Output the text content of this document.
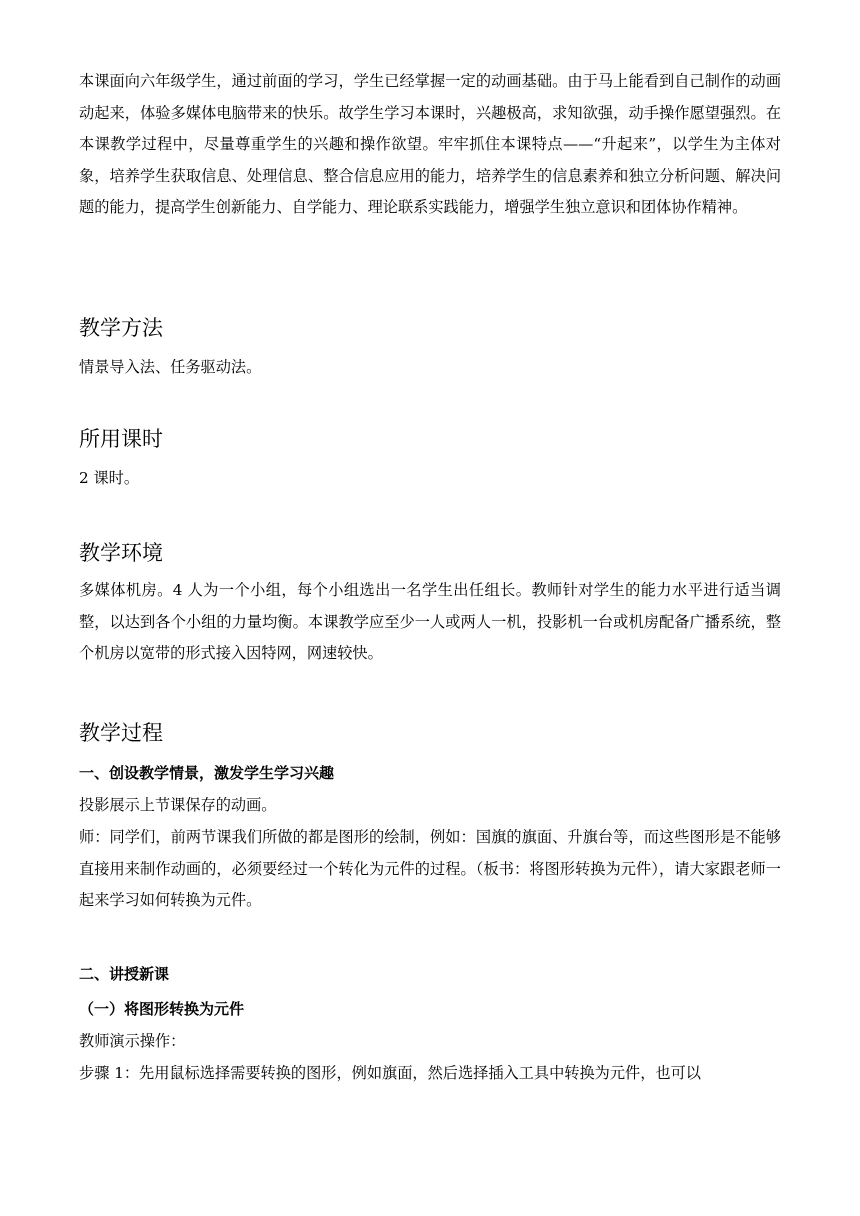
本课面向六年级学生，通过前面的学习，学生已经掌握一定的动画基础。由于马上能看到自己制作的动画动起来，体验多媒体电脑带来的快乐。故学生学习本课时，兴趣极高，求知欲强，动手操作愿望强烈。在本课教学过程中，尽量尊重学生的兴趣和操作欲望。牢牢抓住本课特点——“升起来”，以学生为主体对象，培养学生获取信息、处理信息、整合信息应用的能力，培养学生的信息素养和独立分析问题、解决问题的能力，提高学生创新能力、自学能力、理论联系实践能力，增强学生独立意识和团体协作精神。

教学方法

情景导入法、任务驱动法。

所用课时

2 课时。

教学环境

多媒体机房。4 人为一个小组，每个小组选出一名学生出任组长。教师针对学生的能力水平进行适当调整，以达到各个小组的力量均衡。本课教学应至少一人或两人一机，投影机一台或机房配备广播系统，整个机房以宽带的形式接入因特网，网速较快。

教学过程

一、创设教学情景，激发学生学习兴趣

投影展示上节课保存的动画。

师：同学们，前两节课我们所做的都是图形的绘制，例如：国旗的旗面、升旗台等，而这些图形是不能够直接用来制作动画的，必须要经过一个转化为元件的过程。（板书：将图形转换为元件），请大家跟老师一起来学习如何转换为元件。

二、讲授新课

（一）将图形转换为元件

教师演示操作：

步骤 1：先用鼠标选择需要转换的图形，例如旗面，然后选择插入工具中转换为元件，也可以
